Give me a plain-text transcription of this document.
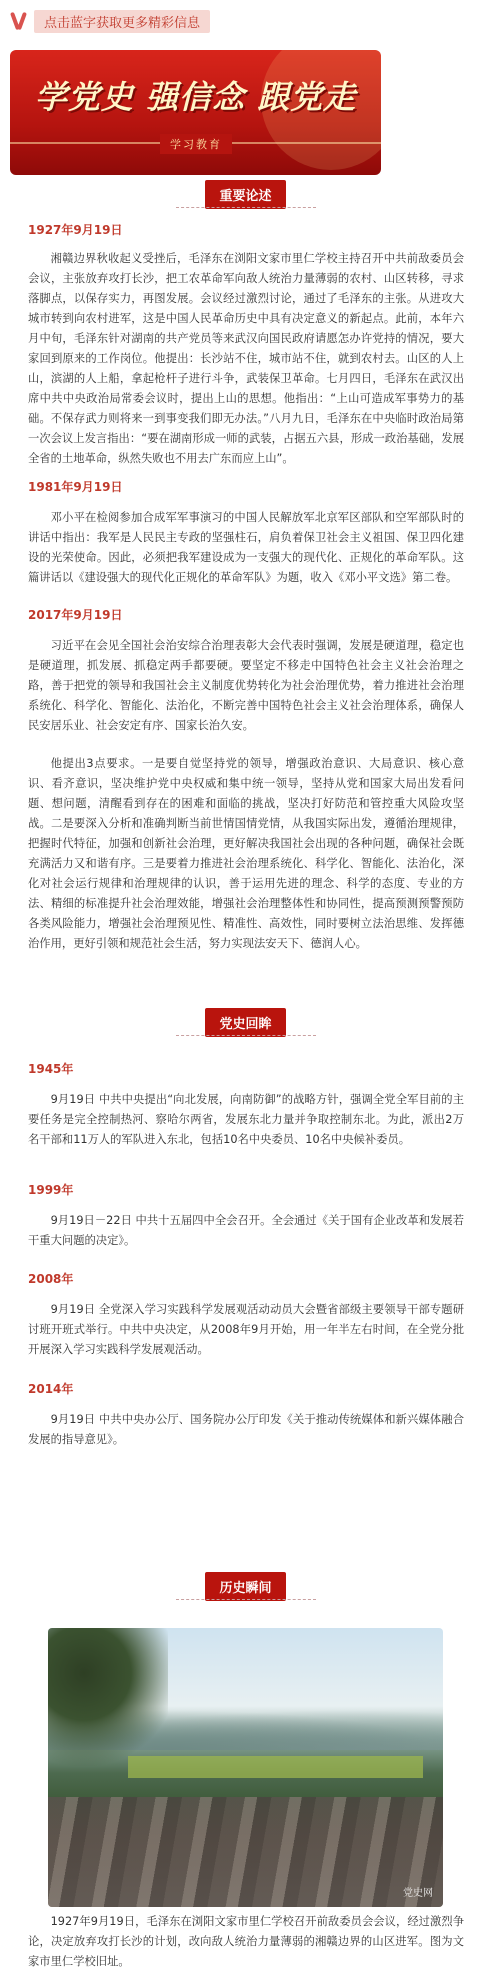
点击蓝字获取更多精彩信息
学党史 强信念 跟党走
学习教育
重要论述
1927年9月19日
湘赣边界秋收起义受挫后，毛泽东在浏阳文家市里仁学校主持召开中共前敌委员会会议，主张放弃攻打长沙，把工农革命军向敌人统治力量薄弱的农村、山区转移，寻求落脚点，以保存实力，再图发展。会议经过激烈讨论，通过了毛泽东的主张。从进攻大城市转到向农村进军，这是中国人民革命历史中具有决定意义的新起点。此前，本年六月中旬，毛泽东针对湖南的共产党员等来武汉向国民政府请愿怎办许党持的情况，要大家回到原来的工作岗位。他提出：长沙站不住，城市站不住，就到农村去。山区的人上山，滨湖的人上船，拿起枪杆子进行斗争，武装保卫革命。七月四日，毛泽东在武汉出席中共中央政治局常委会议时，提出上山的思想。他指出：“上山可造成军事势力的基础。不保存武力则将来一到事变我们即无办法。”八月九日，毛泽东在中央临时政治局第一次会议上发言指出：“要在湖南形成一师的武装，占据五六县，形成一政治基础，发展全省的土地革命，纵然失败也不用去广东而应上山”。
1981年9月19日
邓小平在检阅参加合成军军事演习的中国人民解放军北京军区部队和空军部队时的讲话中指出：我军是人民民主专政的坚强柱石，肩负着保卫社会主义祖国、保卫四化建设的光荣使命。因此，必须把我军建设成为一支强大的现代化、正规化的革命军队。这篇讲话以《建设强大的现代化正规化的革命军队》为题，收入《邓小平文选》第二卷。
2017年9月19日
习近平在会见全国社会治安综合治理表彰大会代表时强调，发展是硬道理，稳定也是硬道理，抓发展、抓稳定两手都要硬。要坚定不移走中国特色社会主义社会治理之路，善于把党的领导和我国社会主义制度优势转化为社会治理优势，着力推进社会治理系统化、科学化、智能化、法治化，不断完善中国特色社会主义社会治理体系，确保人民安居乐业、社会安定有序、国家长治久安。
他提出3点要求。一是要自觉坚持党的领导，增强政治意识、大局意识、核心意识、看齐意识，坚决维护党中央权威和集中统一领导，坚持从党和国家大局出发看问题、想问题，清醒看到存在的困难和面临的挑战，坚决打好防范和管控重大风险攻坚战。二是要深入分析和准确判断当前世情国情党情，从我国实际出发，遵循治理规律，把握时代特征，加强和创新社会治理，更好解决我国社会出现的各种问题，确保社会既充满活力又和谐有序。三是要着力推进社会治理系统化、科学化、智能化、法治化，深化对社会运行规律和治理规律的认识，善于运用先进的理念、科学的态度、专业的方法、精细的标准提升社会治理效能，增强社会治理整体性和协同性，提高预测预警预防各类风险能力，增强社会治理预见性、精准性、高效性，同时要树立法治思维、发挥德治作用，更好引领和规范社会生活，努力实现法安天下、德润人心。
党史回眸
1945年
9月19日 中共中央提出“向北发展，向南防御”的战略方针，强调全党全军目前的主要任务是完全控制热河、察哈尔两省，发展东北力量并争取控制东北。为此，派出2万名干部和11万人的军队进入东北，包括10名中央委员、10名中央候补委员。
1999年
9月19日－22日 中共十五届四中全会召开。全会通过《关于国有企业改革和发展若干重大问题的决定》。
2008年
9月19日 全党深入学习实践科学发展观活动动员大会暨省部级主要领导干部专题研讨班开班式举行。中共中央决定，从2008年9月开始，用一年半左右时间，在全党分批开展深入学习实践科学发展观活动。
2014年
9月19日 中共中央办公厅、国务院办公厅印发《关于推动传统媒体和新兴媒体融合发展的指导意见》。
历史瞬间
党史网
1927年9月19日，毛泽东在浏阳文家市里仁学校召开前敌委员会会议，经过激烈争论，决定放弃攻打长沙的计划，改向敌人统治力量薄弱的湘赣边界的山区进军。图为文家市里仁学校旧址。
